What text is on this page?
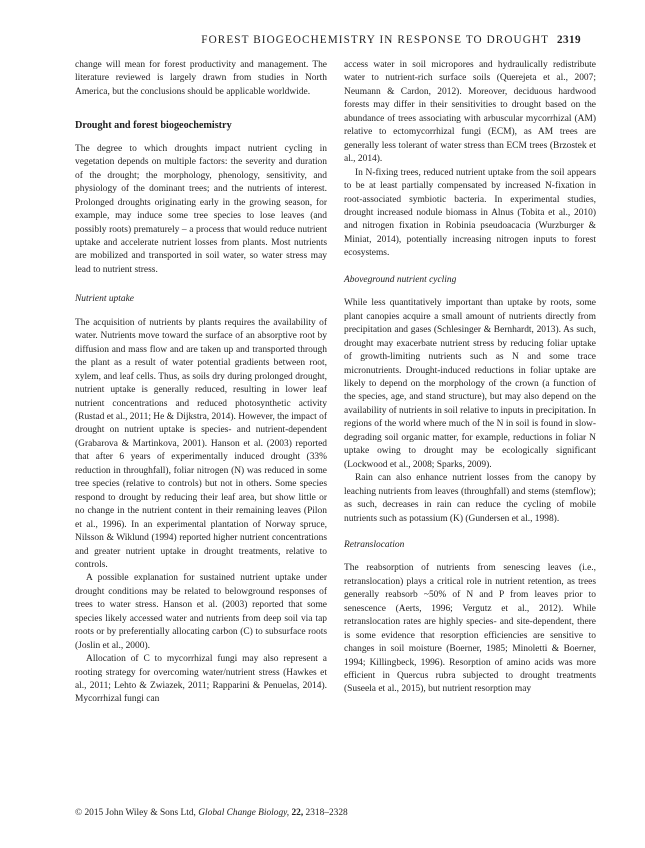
FOREST BIOGEOCHEMISTRY IN RESPONSE TO DROUGHT 2319

change will mean for forest productivity and management. The literature reviewed is largely drawn from studies in North America, but the conclusions should be applicable worldwide.

Drought and forest biogeochemistry

The degree to which droughts impact nutrient cycling in vegetation depends on multiple factors: the severity and duration of the drought; the morphology, phenology, sensitivity, and physiology of the dominant trees; and the nutrients of interest. Prolonged droughts originating early in the growing season, for example, may induce some tree species to lose leaves (and possibly roots) prematurely – a process that would reduce nutrient uptake and accelerate nutrient losses from plants. Most nutrients are mobilized and transported in soil water, so water stress may lead to nutrient stress.

Nutrient uptake

The acquisition of nutrients by plants requires the availability of water. Nutrients move toward the surface of an absorptive root by diffusion and mass flow and are taken up and transported through the plant as a result of water potential gradients between root, xylem, and leaf cells. Thus, as soils dry during prolonged drought, nutrient uptake is generally reduced, resulting in lower leaf nutrient concentrations and reduced photosynthetic activity (Rustad et al., 2011; He & Dijkstra, 2014). However, the impact of drought on nutrient uptake is species- and nutrient-dependent (Grabarova & Martinkova, 2001). Hanson et al. (2003) reported that after 6 years of experimentally induced drought (33% reduction in throughfall), foliar nitrogen (N) was reduced in some tree species (relative to controls) but not in others. Some species respond to drought by reducing their leaf area, but show little or no change in the nutrient content in their remaining leaves (Pilon et al., 1996). In an experimental plantation of Norway spruce, Nilsson & Wiklund (1994) reported higher nutrient concentrations and greater nutrient uptake in drought treatments, relative to controls.

A possible explanation for sustained nutrient uptake under drought conditions may be related to belowground responses of trees to water stress. Hanson et al. (2003) reported that some species likely accessed water and nutrients from deep soil via tap roots or by preferentially allocating carbon (C) to subsurface roots (Joslin et al., 2000).

Allocation of C to mycorrhizal fungi may also represent a rooting strategy for overcoming water/nutrient stress (Hawkes et al., 2011; Lehto & Zwiazek, 2011; Rapparini & Penuelas, 2014). Mycorrhizal fungi can

access water in soil micropores and hydraulically redistribute water to nutrient-rich surface soils (Querejeta et al., 2007; Neumann & Cardon, 2012). Moreover, deciduous hardwood forests may differ in their sensitivities to drought based on the abundance of trees associating with arbuscular mycorrhizal (AM) relative to ectomycorrhizal fungi (ECM), as AM trees are generally less tolerant of water stress than ECM trees (Brzostek et al., 2014).

In N-fixing trees, reduced nutrient uptake from the soil appears to be at least partially compensated by increased N-fixation in root-associated symbiotic bacteria. In experimental studies, drought increased nodule biomass in Alnus (Tobita et al., 2010) and nitrogen fixation in Robinia pseudoacacia (Wurzburger & Miniat, 2014), potentially increasing nitrogen inputs to forest ecosystems.

Aboveground nutrient cycling

While less quantitatively important than uptake by roots, some plant canopies acquire a small amount of nutrients directly from precipitation and gases (Schlesinger & Bernhardt, 2013). As such, drought may exacerbate nutrient stress by reducing foliar uptake of growth-limiting nutrients such as N and some trace micronutrients. Drought-induced reductions in foliar uptake are likely to depend on the morphology of the crown (a function of the species, age, and stand structure), but may also depend on the availability of nutrients in soil relative to inputs in precipitation. In regions of the world where much of the N in soil is found in slow-degrading soil organic matter, for example, reductions in foliar N uptake owing to drought may be ecologically significant (Lockwood et al., 2008; Sparks, 2009).

Rain can also enhance nutrient losses from the canopy by leaching nutrients from leaves (throughfall) and stems (stemflow); as such, decreases in rain can reduce the cycling of mobile nutrients such as potassium (K) (Gundersen et al., 1998).

Retranslocation

The reabsorption of nutrients from senescing leaves (i.e., retranslocation) plays a critical role in nutrient retention, as trees generally reabsorb ~50% of N and P from leaves prior to senescence (Aerts, 1996; Vergutz et al., 2012). While retranslocation rates are highly species- and site-dependent, there is some evidence that resorption efficiencies are sensitive to changes in soil moisture (Boerner, 1985; Minoletti & Boerner, 1994; Killingbeck, 1996). Resorption of amino acids was more efficient in Quercus rubra subjected to drought treatments (Suseela et al., 2015), but nutrient resorption may

© 2015 John Wiley & Sons Ltd, Global Change Biology, 22, 2318–2328
